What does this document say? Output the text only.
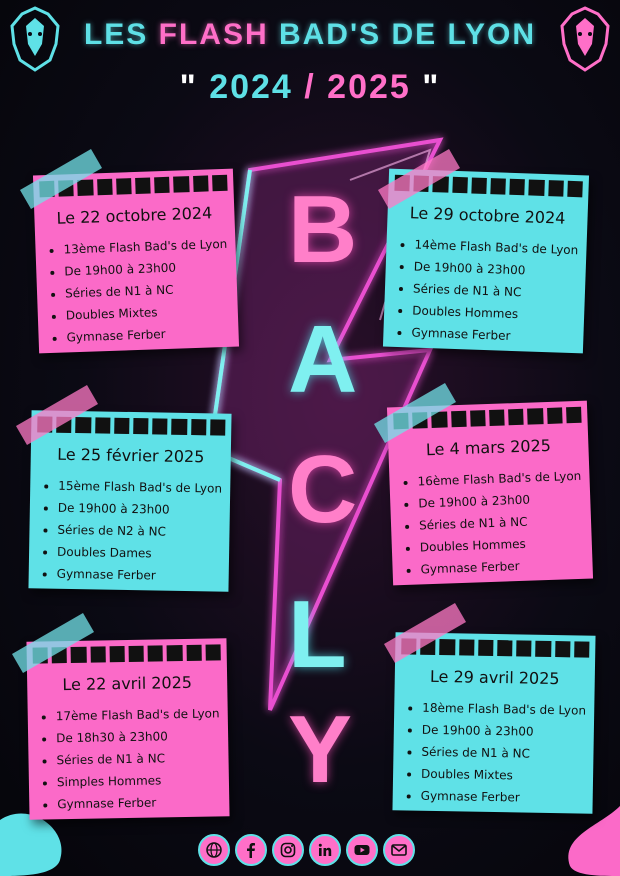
LES FLASH BAD'S DE LYON
" 2024 / 2025 "
B
A
C
L
Y
Le 22 octobre 2024
• 13ème Flash Bad's de Lyon
• De 19h00 à 23h00
• Séries de N1 à NC
• Doubles Mixtes
• Gymnase Ferber
Le 29 octobre 2024
• 14ème Flash Bad's de Lyon
• De 19h00 à 23h00
• Séries de N1 à NC
• Doubles Hommes
• Gymnase Ferber
Le 25 février 2025
• 15ème Flash Bad's de Lyon
• De 19h00 à 23h00
• Séries de N2 à NC
• Doubles Dames
• Gymnase Ferber
Le 4 mars 2025
• 16ème Flash Bad's de Lyon
• De 19h00 à 23h00
• Séries de N1 à NC
• Doubles Hommes
• Gymnase Ferber
Le 22 avril 2025
• 17ème Flash Bad's de Lyon
• De 18h30 à 23h00
• Séries de N1 à NC
• Simples Hommes
• Gymnase Ferber
Le 29 avril 2025
• 18ème Flash Bad's de Lyon
• De 19h00 à 23h00
• Séries de N1 à NC
• Doubles Mixtes
• Gymnase Ferber
